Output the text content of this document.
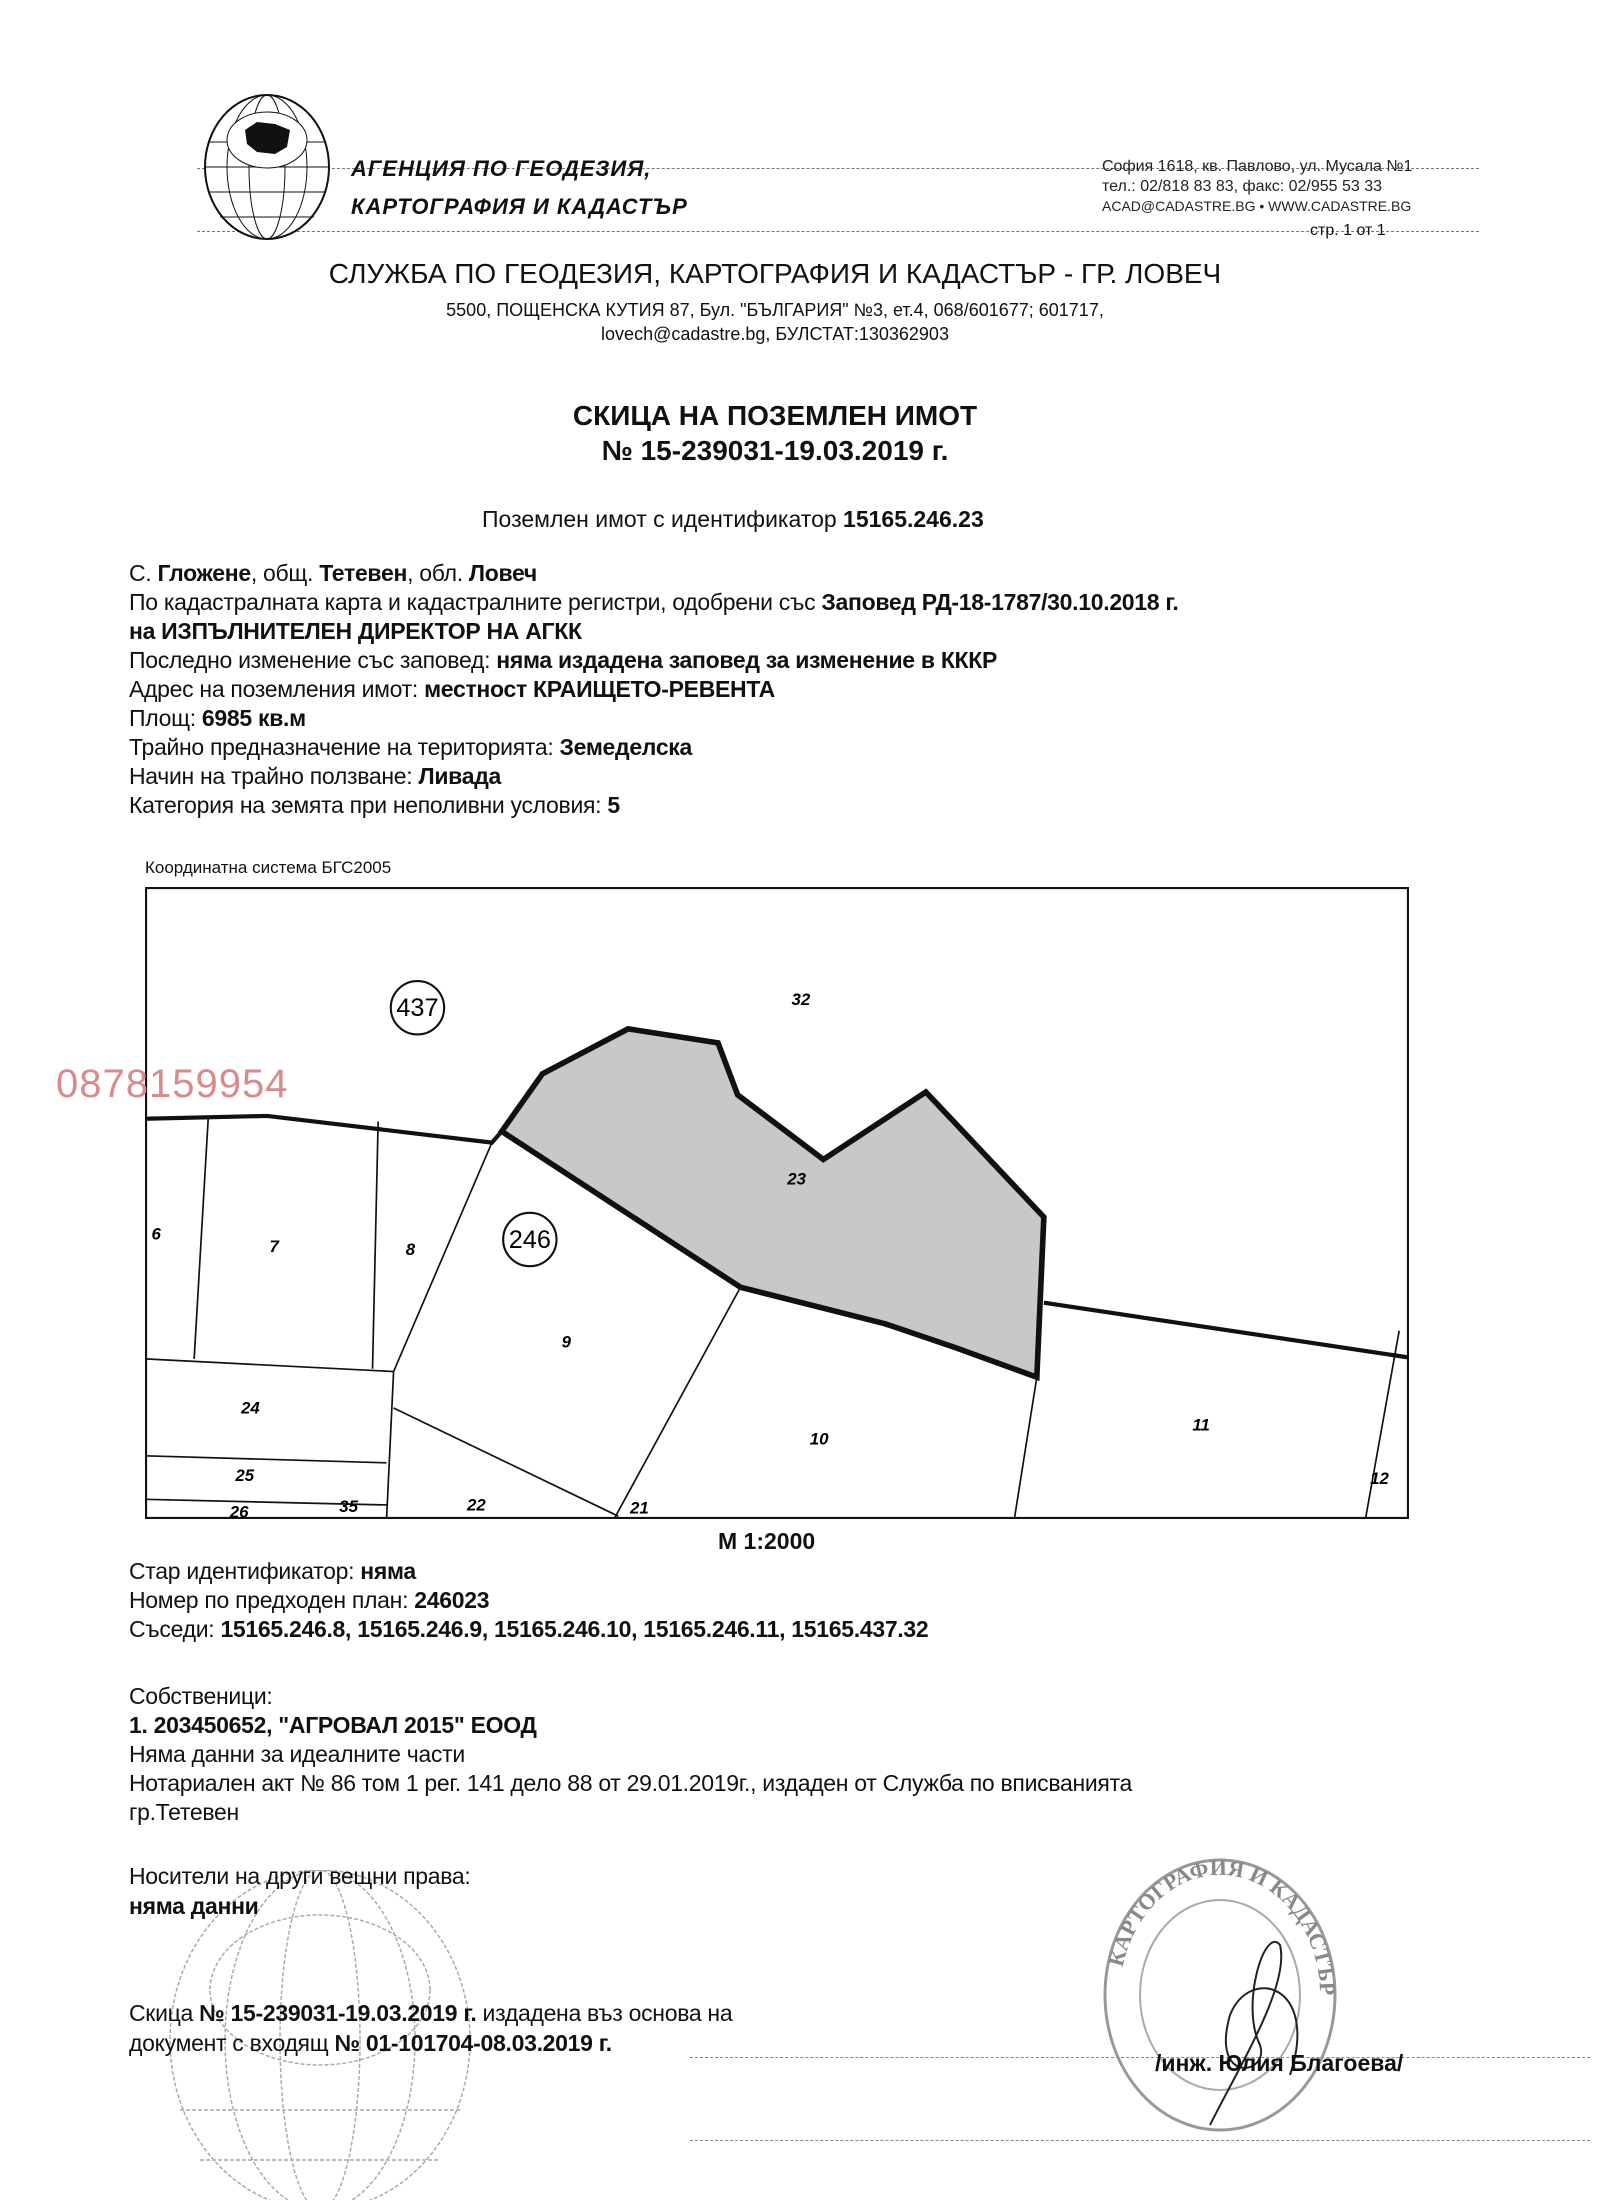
АГЕНЦИЯ ПО ГЕОДЕЗИЯ,
КАРТОГРАФИЯ И КАДАСТЪР
София 1618, кв. Павлово, ул. Мусала №1
тел.: 02/818 83 83, факс: 02/955 53 33
ACAD@CADASTRE.BG • WWW.CADASTRE.BG
стр. 1 от 1
СЛУЖБА ПО ГЕОДЕЗИЯ, КАРТОГРАФИЯ И КАДАСТЪР - ГР. ЛОВЕЧ
5500, ПОЩЕНСКА КУТИЯ 87, Бул. "БЪЛГАРИЯ" №3, ет.4, 068/601677; 601717,
lovech@cadastre.bg, БУЛСТАТ:130362903
СКИЦА НА ПОЗЕМЛЕН ИМОТ
№ 15-239031-19.03.2019 г.
Поземлен имот с идентификатор 15165.246.23
С. Гложене, общ. Тетевен, обл. Ловеч
По кадастралната карта и кадастралните регистри, одобрени със Заповед РД-18-1787/30.10.2018 г.
на ИЗПЪЛНИТЕЛЕН ДИРЕКТОР НА АГКК
Последно изменение със заповед: няма издадена заповед за изменение в КККР
Адрес на поземления имот: местност КРАИЩЕТО-РЕВЕНТА
Площ: 6985 кв.м
Трайно предназначение на територията: Земеделска
Начин на трайно ползване: Ливада
Категория на земята при неполивни условия: 5
Координатна система БГС2005
437
246
32
23
6
7	8
9
24
10
11
25	12
26	35	22	21
0878159954
М 1:2000
Стар идентификатор: няма
Номер по предходен план: 246023
Съседи: 15165.246.8, 15165.246.9, 15165.246.10, 15165.246.11, 15165.437.32
Собственици:
1. 203450652, "АГРОВАЛ 2015" ЕООД
Няма данни за идеалните части
Нотариален акт № 86 том 1 рег. 141 дело 88 от 29.01.2019г., издаден от Служба по вписванията
гр.Тетевен
Носители на други вещни права:
няма данни
Скица № 15-239031-19.03.2019 г. издадена въз основа на
документ с входящ № 01-101704-08.03.2019 г.
КАРТОГРАФИЯ И КАДАСТЪР
/инж. Юлия Благоева/
